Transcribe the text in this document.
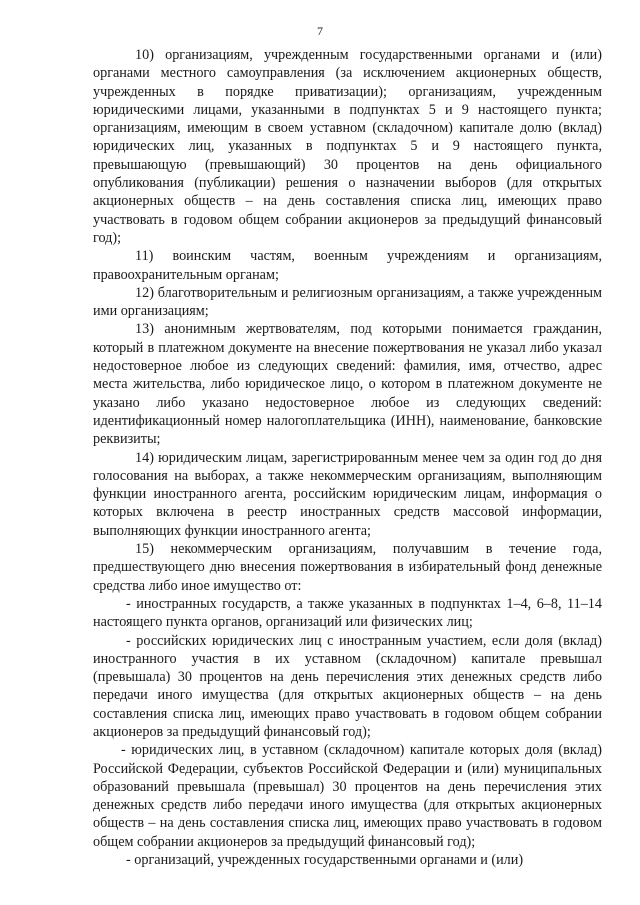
7

10) организациям, учрежденным государственными органами и (или) органами местного самоуправления (за исключением акционерных обществ, учрежденных в порядке приватизации); организациям, учрежденным юридическими лицами, указанными в подпунктах 5 и 9 настоящего пункта; организациям, имеющим в своем уставном (складочном) капитале долю (вклад) юридических лиц, указанных в подпунктах 5 и 9 настоящего пункта, превышающую (превышающий) 30 процентов на день официального опубликования (публикации) решения о назначении выборов (для открытых акционерных обществ – на день составления списка лиц, имеющих право участвовать в годовом общем собрании акционеров за предыдущий финансовый год);

11) воинским частям, военным учреждениям и организациям, правоохранительным органам;

12) благотворительным и религиозным организациям, а также учрежденным ими организациям;

13) анонимным жертвователям, под которыми понимается гражданин, который в платежном документе на внесение пожертвования не указал либо указал недостоверное любое из следующих сведений: фамилия, имя, отчество, адрес места жительства, либо юридическое лицо, о котором в платежном документе не указано либо указано недостоверное любое из следующих сведений: идентификационный номер налогоплательщика (ИНН), наименование, банковские реквизиты;

14) юридическим лицам, зарегистрированным менее чем за один год до дня голосования на выборах, а также некоммерческим организациям, выполняющим функции иностранного агента, российским юридическим лицам, информация о которых включена в реестр иностранных средств массовой информации, выполняющих функции иностранного агента;

15) некоммерческим организациям, получавшим в течение года, предшествующего дню внесения пожертвования в избирательный фонд денежные средства либо иное имущество от:

- иностранных государств, а также указанных в подпунктах 1–4, 6–8, 11–14 настоящего пункта органов, организаций или физических лиц;

- российских юридических лиц с иностранным участием, если доля (вклад) иностранного участия в их уставном (складочном) капитале превышал (превышала) 30 процентов на день перечисления этих денежных средств либо передачи иного имущества (для открытых акционерных обществ – на день составления списка лиц, имеющих право участвовать в годовом общем собрании акционеров за предыдущий финансовый год);

- юридических лиц, в уставном (складочном) капитале которых доля (вклад) Российской Федерации, субъектов Российской Федерации и (или) муниципальных образований превышала (превышал) 30 процентов на день перечисления этих денежных средств либо передачи иного имущества (для открытых акционерных обществ – на день составления списка лиц, имеющих право участвовать в годовом общем собрании акционеров за предыдущий финансовый год);

- организаций, учрежденных государственными органами и (или)
